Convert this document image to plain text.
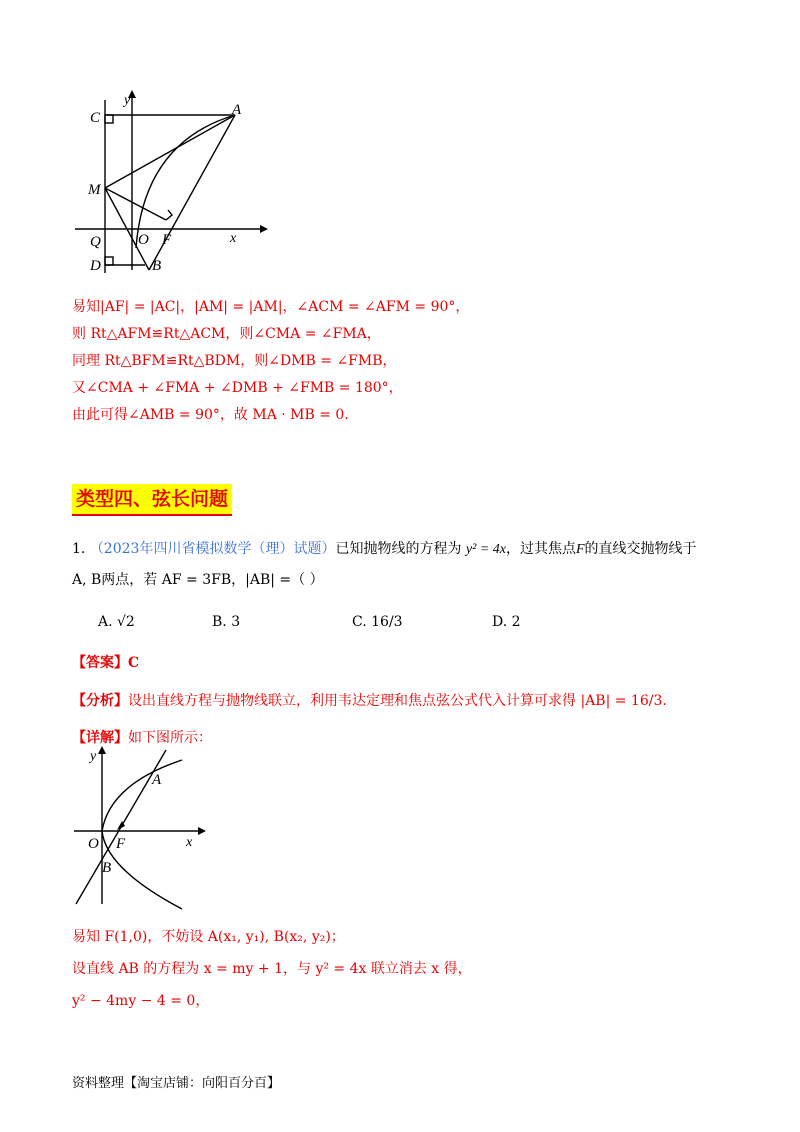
C
y
A
M
Q O F	x
D	B
易知|AF| = |AC|，|AM| = |AM|，∠ACM = ∠AFM = 90°，
则 Rt△AFM≌Rt△ACM，则∠CMA = ∠FMA，
同理 Rt△BFM≌Rt△BDM，则∠DMB = ∠FMB，
又∠CMA + ∠FMA + ∠DMB + ∠FMB = 180°，
由此可得∠AMB = 90°，故 MA · MB = 0.
类型四、弦长问题
1. （2023年四川省模拟数学（理）试题）已知抛物线的方程为 y² = 4x，过其焦点F的直线交抛物线于
A, B两点，若 AF = 3FB，|AB| =（ ）
A. √2	B. 3	C. 16/3	D. 2
【答案】C
【分析】设出直线方程与抛物线联立，利用韦达定理和焦点弦公式代入计算可求得 |AB| = 16/3.
【详解】如下图所示：
y
A
O F	x
B
易知 F(1,0)，不妨设 A(x₁, y₁), B(x₂, y₂)；
设直线 AB 的方程为 x = my + 1，与 y² = 4x 联立消去 x 得，
y² − 4my − 4 = 0，
资料整理【淘宝店铺：向阳百分百】
